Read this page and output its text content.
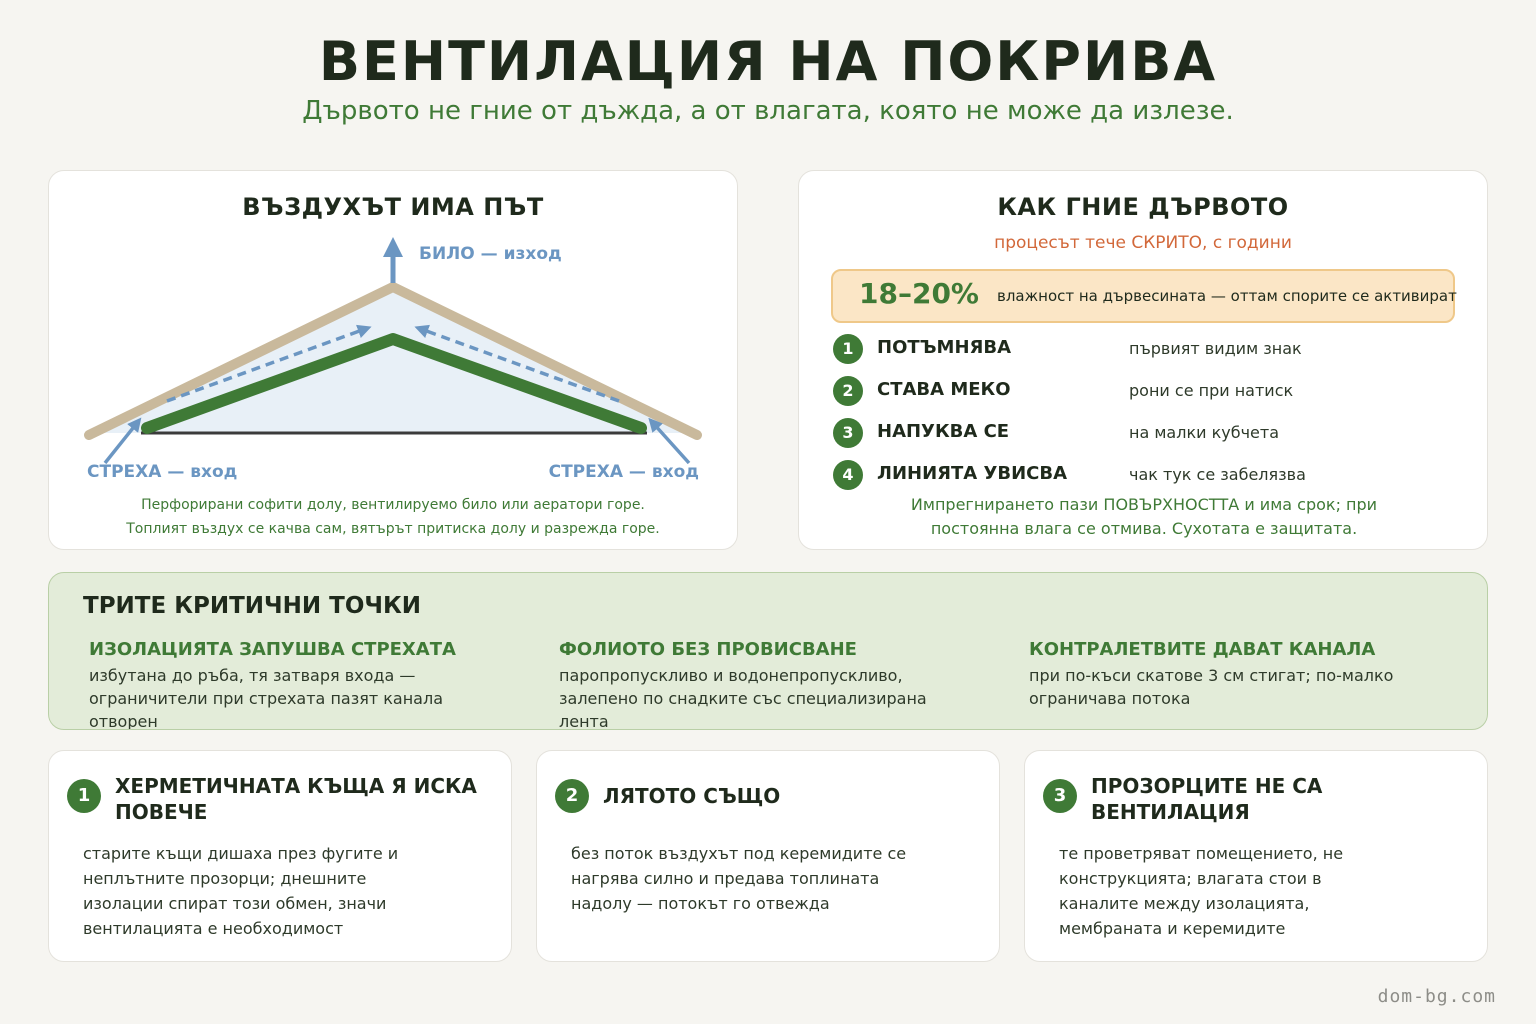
ВЕНТИЛАЦИЯ НА ПОКРИВА
Дървото не гние от дъжда, а от влагата, която не може да излезе.
ВЪЗДУХЪТ ИМА ПЪТ
БИЛО — изход
СТРЕХА — вход	СТРЕХА — вход
Перфорирани софити долу, вентилируемо било или аератори горе.
Топлият въздух се качва сам, вятърът притиска долу и разрежда горе.
КАК ГНИЕ ДЪРВОТО
процесът тече СКРИТО, с години
18–20% влажност на дървесината — оттам спорите се активират
1	ПОТЪМНЯВА	първият видим знак
2	СТАВА МЕКО	рони се при натиск
3	НАПУКВА СЕ	на малки кубчета
4	ЛИНИЯТА УВИСВА	чак тук се забелязва
Импрегнирането пази ПОВЪРХНОСТТА и има срок; при
постоянна влага се отмива. Сухотата е защитата.
ТРИТЕ КРИТИЧНИ ТОЧКИ
ИЗОЛАЦИЯТА ЗАПУШВА СТРЕХАТА
избутана до ръба, тя затваря входа — ограничители при стрехата пазят канала отворен
ФОЛИОТО БЕЗ ПРОВИСВАНЕ
паропропускливо и водонепропускливо, залепено по снадките със специализирана лента
КОНТРАЛЕТВИТЕ ДАВАТ КАНАЛА
при по-къси скатове 3 см стигат; по-малко ограничава потока
1	ХЕРМЕТИЧНАТА КЪЩА Я ИСКА ПОВЕЧЕ
старите къщи дишаха през фугите и неплътните прозорци; днешните изолации спират този обмен, значи вентилацията е необходимост
2	ЛЯТОТО СЪЩО
без поток въздухът под керемидите се нагрява силно и предава топлината надолу — потокът го отвежда
3	ПРОЗОРЦИТЕ НЕ СА ВЕНТИЛАЦИЯ
те проветряват помещението, не конструкцията; влагата стои в каналите между изолацията, мембраната и керемидите
dom-bg.com
